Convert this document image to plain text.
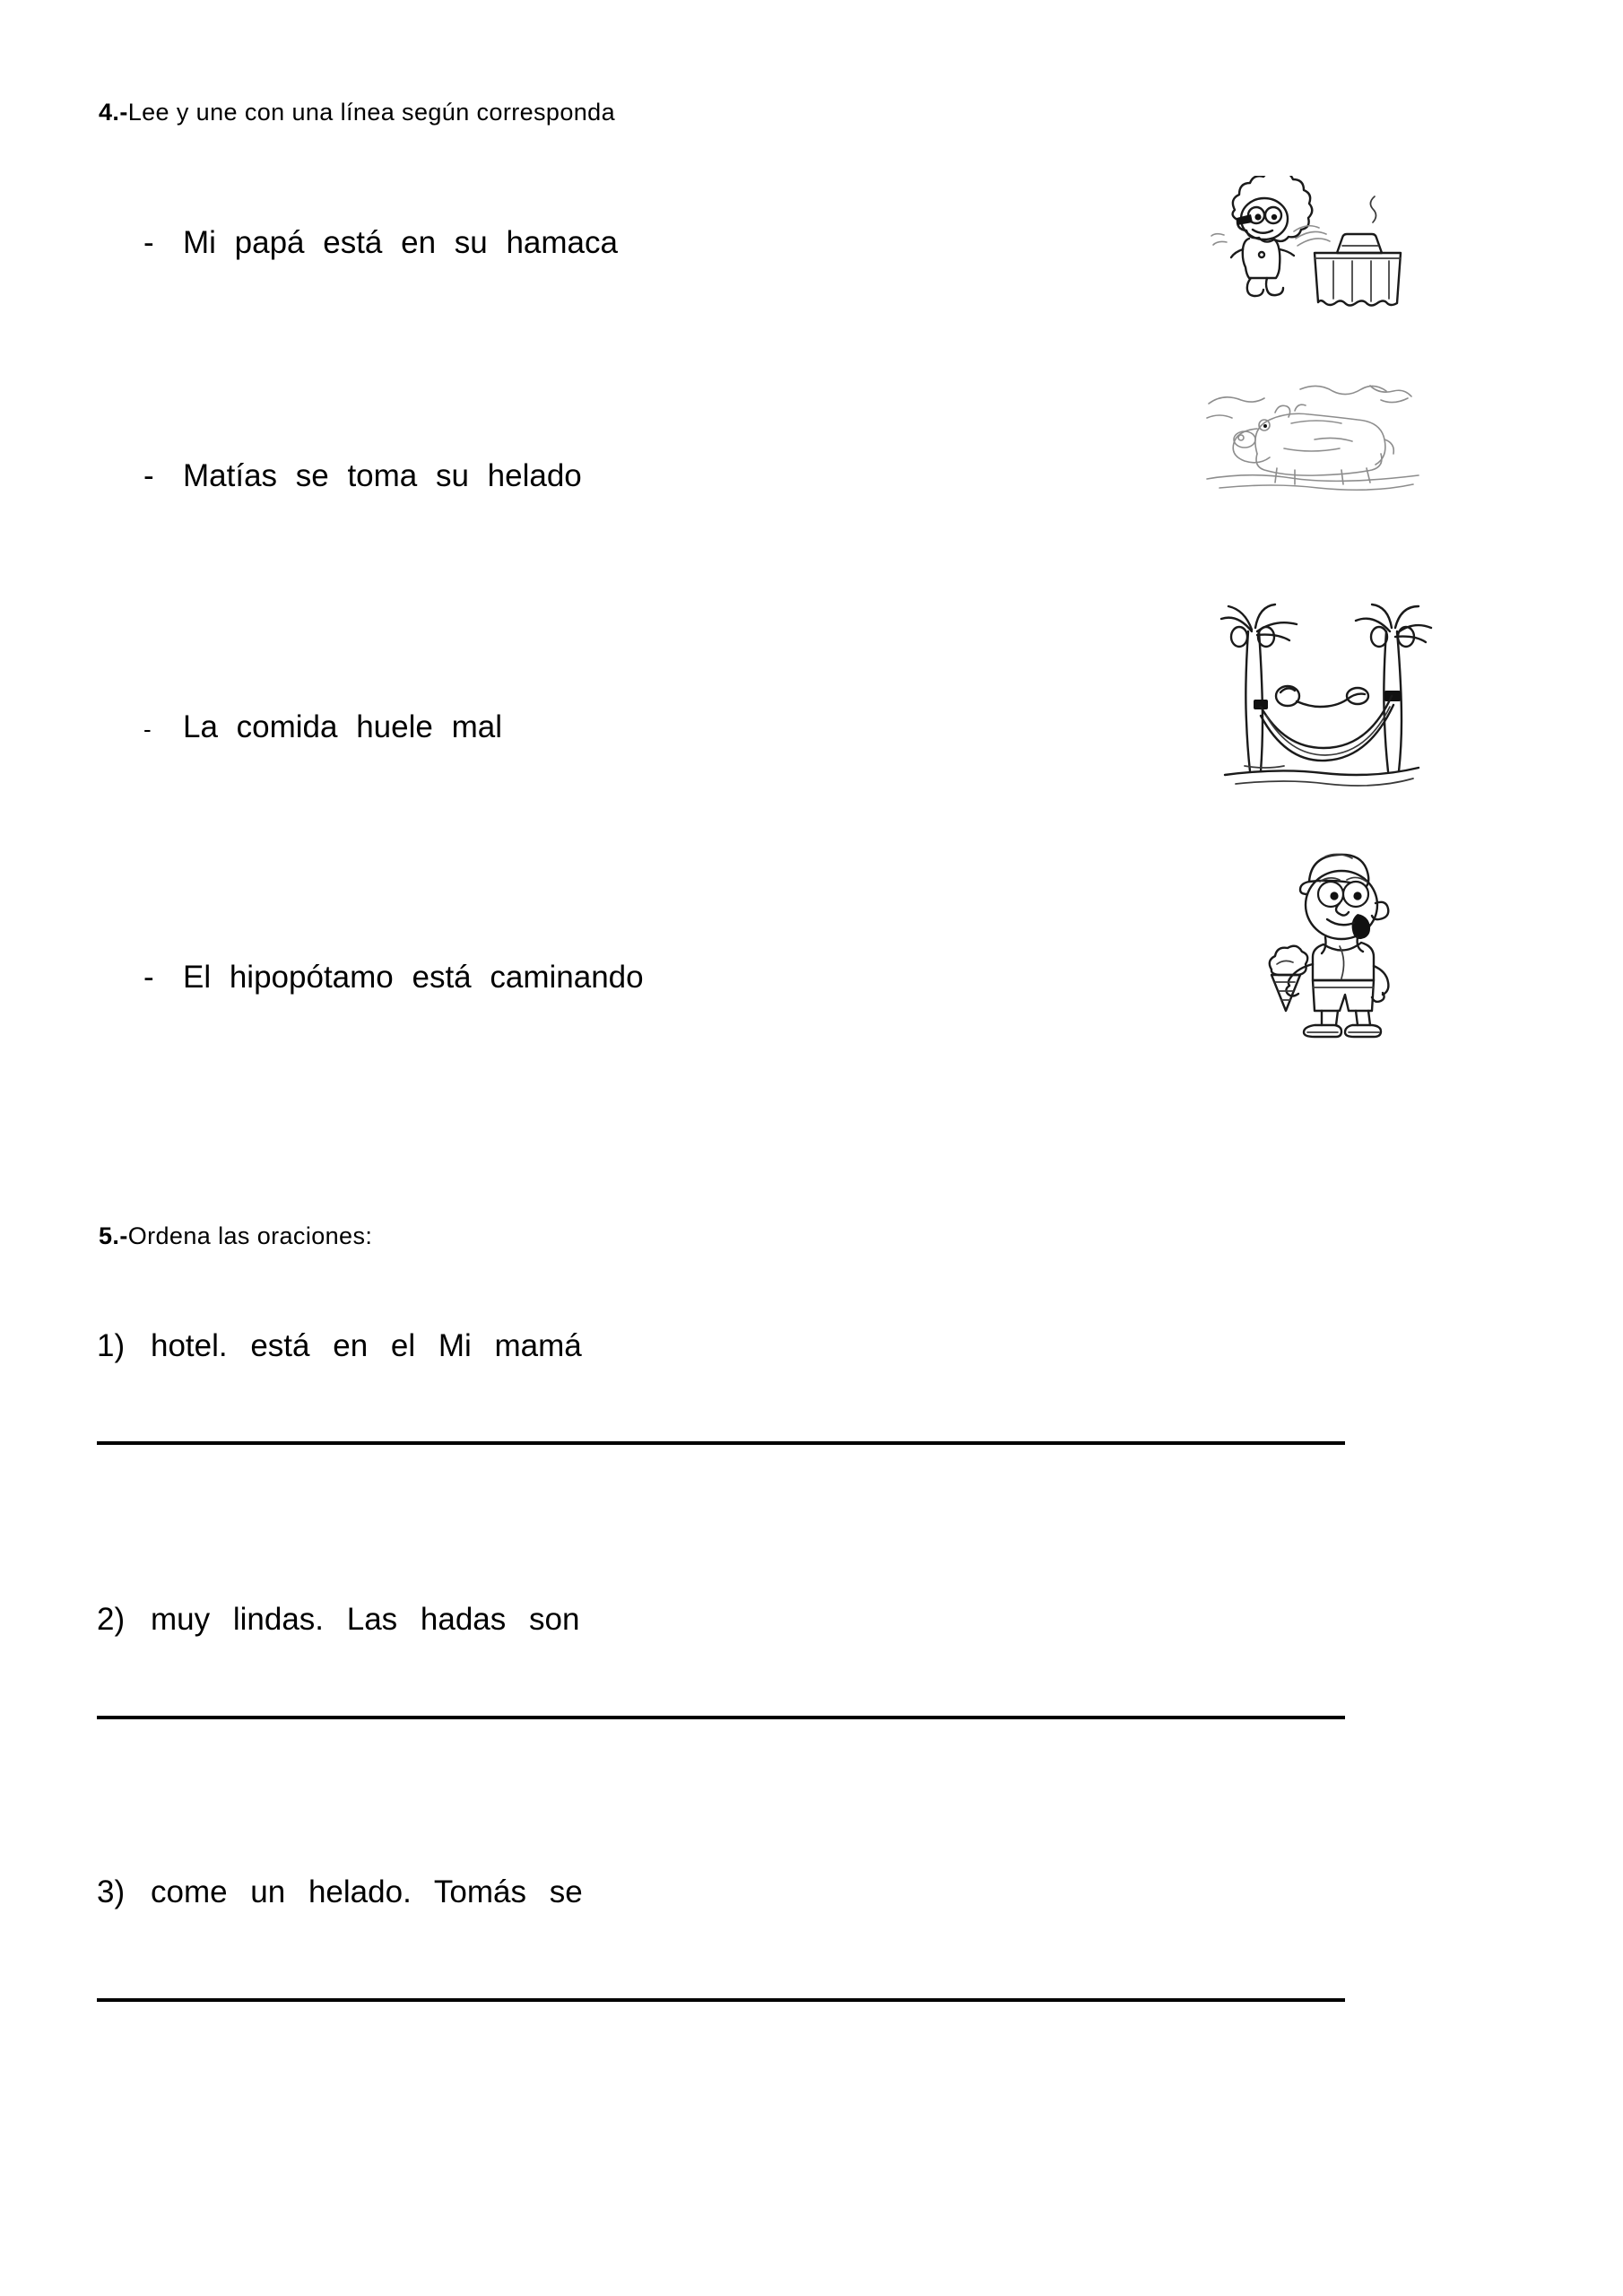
4.-Lee y une con una línea según corresponda
- Mi papá está en su hamaca
- Matías se toma su helado
-	La comida huele mal
- El hipopótamo está caminando
5.-Ordena las oraciones:
1) hotel. está en el Mi mamá
2) muy lindas. Las hadas son
3) come un helado. Tomás se
